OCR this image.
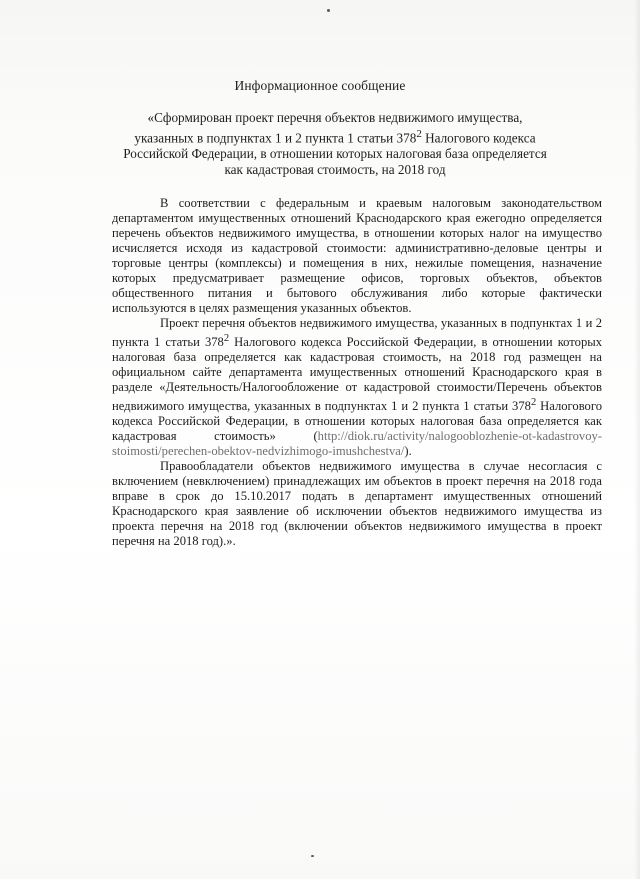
Информационное сообщение
«Сформирован проект перечня объектов недвижимого имущества, указанных в подпунктах 1 и 2 пункта 1 статьи $378^2$ Налогового кодекса Российской Федерации, в отношении которых налоговая база определяется как кадастровая стоимость, на 2018 год

В соответствии с федеральным и краевым налоговым законодательством департаментом имущественных отношений Краснодарского края ежегодно определяется перечень объектов недвижимого имущества, в отношении которых налог на имущество исчисляется исходя из кадастровой стоимости: административно-деловые центры и торговые центры (комплексы) и помещения в них, нежилые помещения, назначение которых предусматривает размещение офисов, торговых объектов, объектов общественного питания и бытового обслуживания либо которые фактически используются в целях размещения указанных объектов.

Проект перечня объектов недвижимого имущества, указанных в подпунктах 1 и 2 пункта 1 статьи $378^2$ Налогового кодекса Российской Федерации, в отношении которых налоговая база определяется как кадастровая стоимость, на 2018 год размещен на официальном сайте департамента имущественных отношений Краснодарского края в разделе «Деятельность/Налогообложение от кадастровой стоимости/Перечень объектов недвижимого имущества, указанных в подпунктах 1 и 2 пункта 1 статьи $378^2$ Налогового кодекса Российской Федерации, в отношении которых налоговая база определяется как кадастровая стоимость» (http://diok.ru/activity/nalogooblozhenie-ot-kadastrovoy-stoimosti/perechen-obektov-nedvizhimogo-imushchestva/).

Правообладатели объектов недвижимого имущества в случае несогласия с включением (невключением) принадлежащих им объектов в проект перечня на 2018 года вправе в срок до 15.10.2017 подать в департамент имущественных отношений Краснодарского края заявление об исключении объектов недвижимого имущества из проекта перечня на 2018 год (включении объектов недвижимого имущества в проект перечня на 2018 год).».
